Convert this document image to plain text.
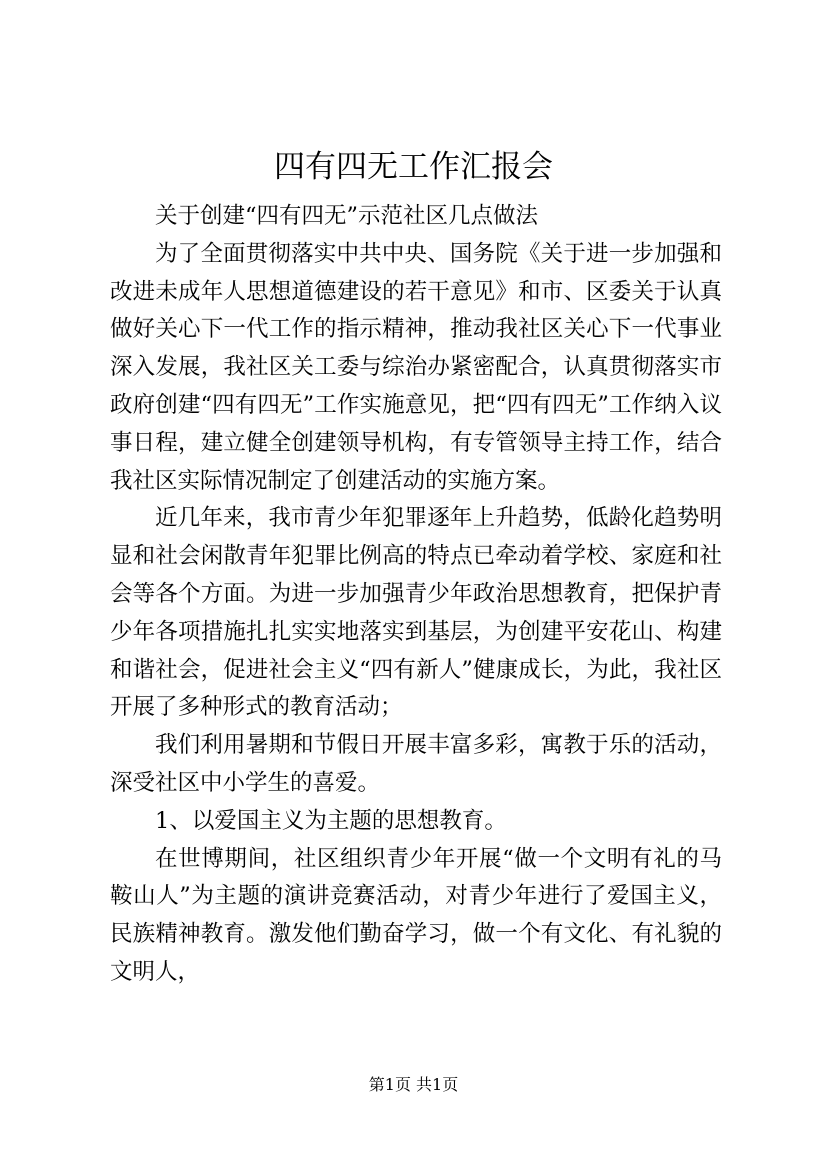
四有四无工作汇报会

关于创建“四有四无”示范社区几点做法

为了全面贯彻落实中共中央、国务院《关于进一步加强和改进未成年人思想道德建设的若干意见》和市、区委关于认真做好关心下一代工作的指示精神，推动我社区关心下一代事业深入发展，我社区关工委与综治办紧密配合，认真贯彻落实市政府创建“四有四无”工作实施意见，把“四有四无”工作纳入议事日程，建立健全创建领导机构，有专管领导主持工作，结合我社区实际情况制定了创建活动的实施方案。

近几年来，我市青少年犯罪逐年上升趋势，低龄化趋势明显和社会闲散青年犯罪比例高的特点已牵动着学校、家庭和社会等各个方面。为进一步加强青少年政治思想教育，把保护青少年各项措施扎扎实实地落实到基层，为创建平安花山、构建和谐社会，促进社会主义“四有新人”健康成长，为此，我社区开展了多种形式的教育活动；

我们利用暑期和节假日开展丰富多彩，寓教于乐的活动，深受社区中小学生的喜爱。

1、以爱国主义为主题的思想教育。

在世博期间，社区组织青少年开展“做一个文明有礼的马鞍山人”为主题的演讲竞赛活动，对青少年进行了爱国主义，民族精神教育。激发他们勤奋学习，做一个有文化、有礼貌的文明人，

第1页 共1页
